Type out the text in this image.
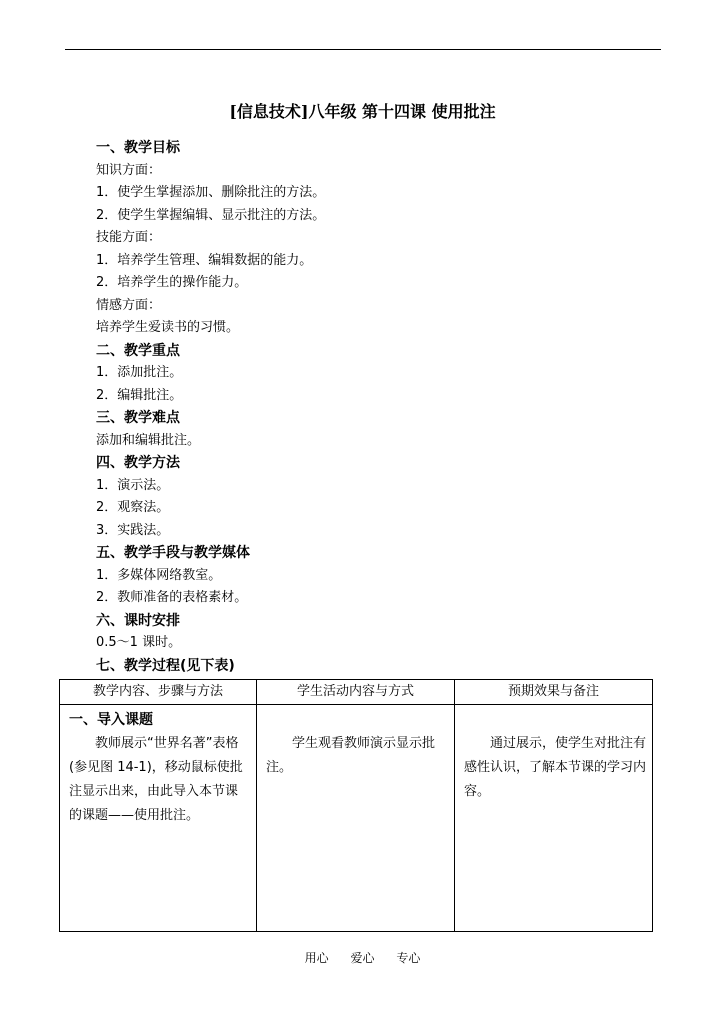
[信息技术]八年级 第十四课 使用批注
一、教学目标
知识方面：
1．使学生掌握添加、删除批注的方法。
2．使学生掌握编辑、显示批注的方法。
技能方面：
1．培养学生管理、编辑数据的能力。
2．培养学生的操作能力。
情感方面：
培养学生爱读书的习惯。
二、教学重点
1．添加批注。
2．编辑批注。
三、教学难点
添加和编辑批注。
四、教学方法
1．演示法。
2．观察法。
3．实践法。
五、教学手段与教学媒体
1．多媒体网络教室。
2．教师准备的表格素材。
六、课时安排
0.5～1 课时。
七、教学过程(见下表)
教学内容、步骤与方法	学生活动内容与方式	预期效果与备注

一、导入课题

教师展示“世界名著”表格(参见图 14-1)，移动鼠标使批注显示出来，由此导入本节课的课题——使用批注。	学生观看教师演示显示批注。	通过展示，使学生对批注有感性认识，了解本节课的学习内容。

用心 爱心 专心
